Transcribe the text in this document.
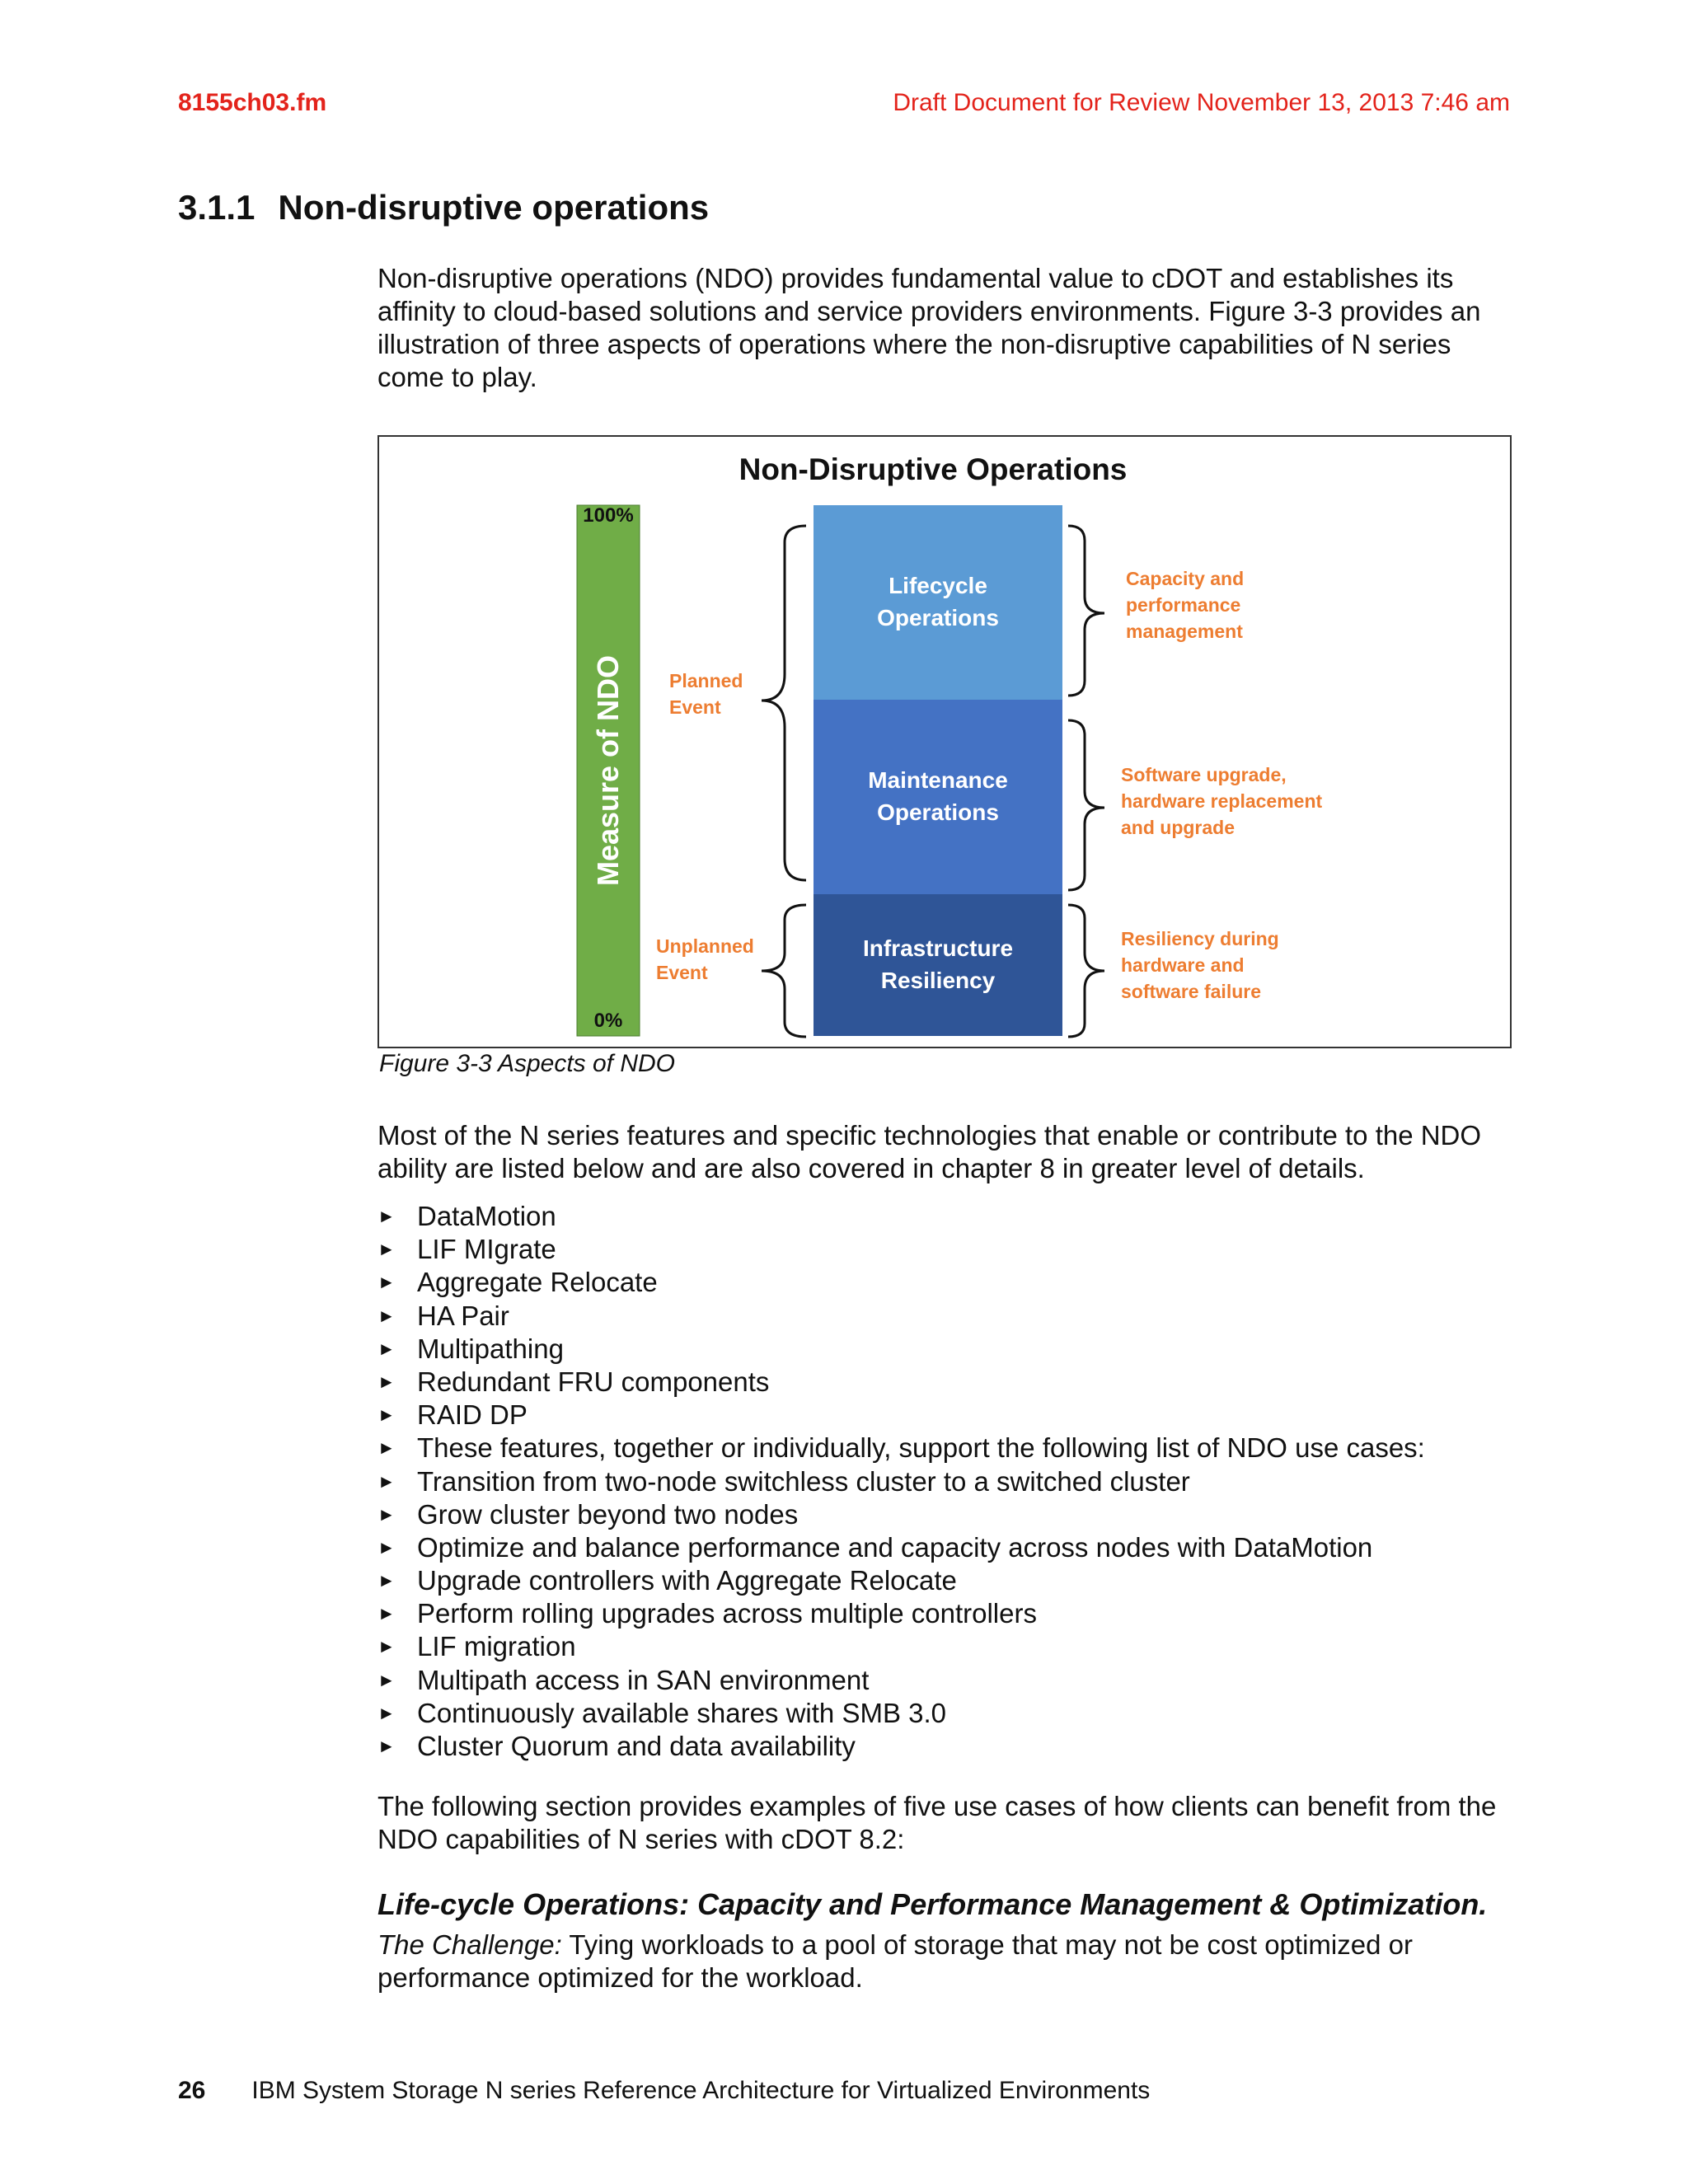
8155ch03.fm	Draft Document for Review November 13, 2013 7:46 am
3.1.1 Non-disruptive operations
Non-disruptive operations (NDO) provides fundamental value to cDOT and establishes its affinity to cloud-based solutions and service providers environments. Figure 3-3 provides an illustration of three aspects of operations where the non-disruptive capabilities of N series come to play.
Non-Disruptive Operations
100%
0%
Measure of NDO Planned Event
Unplanned Event
Lifecycle Operations
Maintenance Operations
Infrastructure Resiliency
Capacity and performance management
Software upgrade, hardware replacement and upgrade
Resiliency during hardware and software failure
Figure 3-3 Aspects of NDO
Most of the N series features and specific technologies that enable or contribute to the NDO ability are listed below and are also covered in chapter 8 in greater level of details.
► DataMotion
► LIF MIgrate
► Aggregate Relocate
► HA Pair
► Multipathing
► Redundant FRU components
► RAID DP
► These features, together or individually, support the following list of NDO use cases:
► Transition from two-node switchless cluster to a switched cluster
► Grow cluster beyond two nodes
► Optimize and balance performance and capacity across nodes with DataMotion
► Upgrade controllers with Aggregate Relocate
► Perform rolling upgrades across multiple controllers
► LIF migration
► Multipath access in SAN environment
► Continuously available shares with SMB 3.0
► Cluster Quorum and data availability
The following section provides examples of five use cases of how clients can benefit from the NDO capabilities of N series with cDOT 8.2:
Life-cycle Operations: Capacity and Performance Management & Optimization.
The Challenge: Tying workloads to a pool of storage that may not be cost optimized or performance optimized for the workload.
26 IBM System Storage N series Reference Architecture for Virtualized Environments
